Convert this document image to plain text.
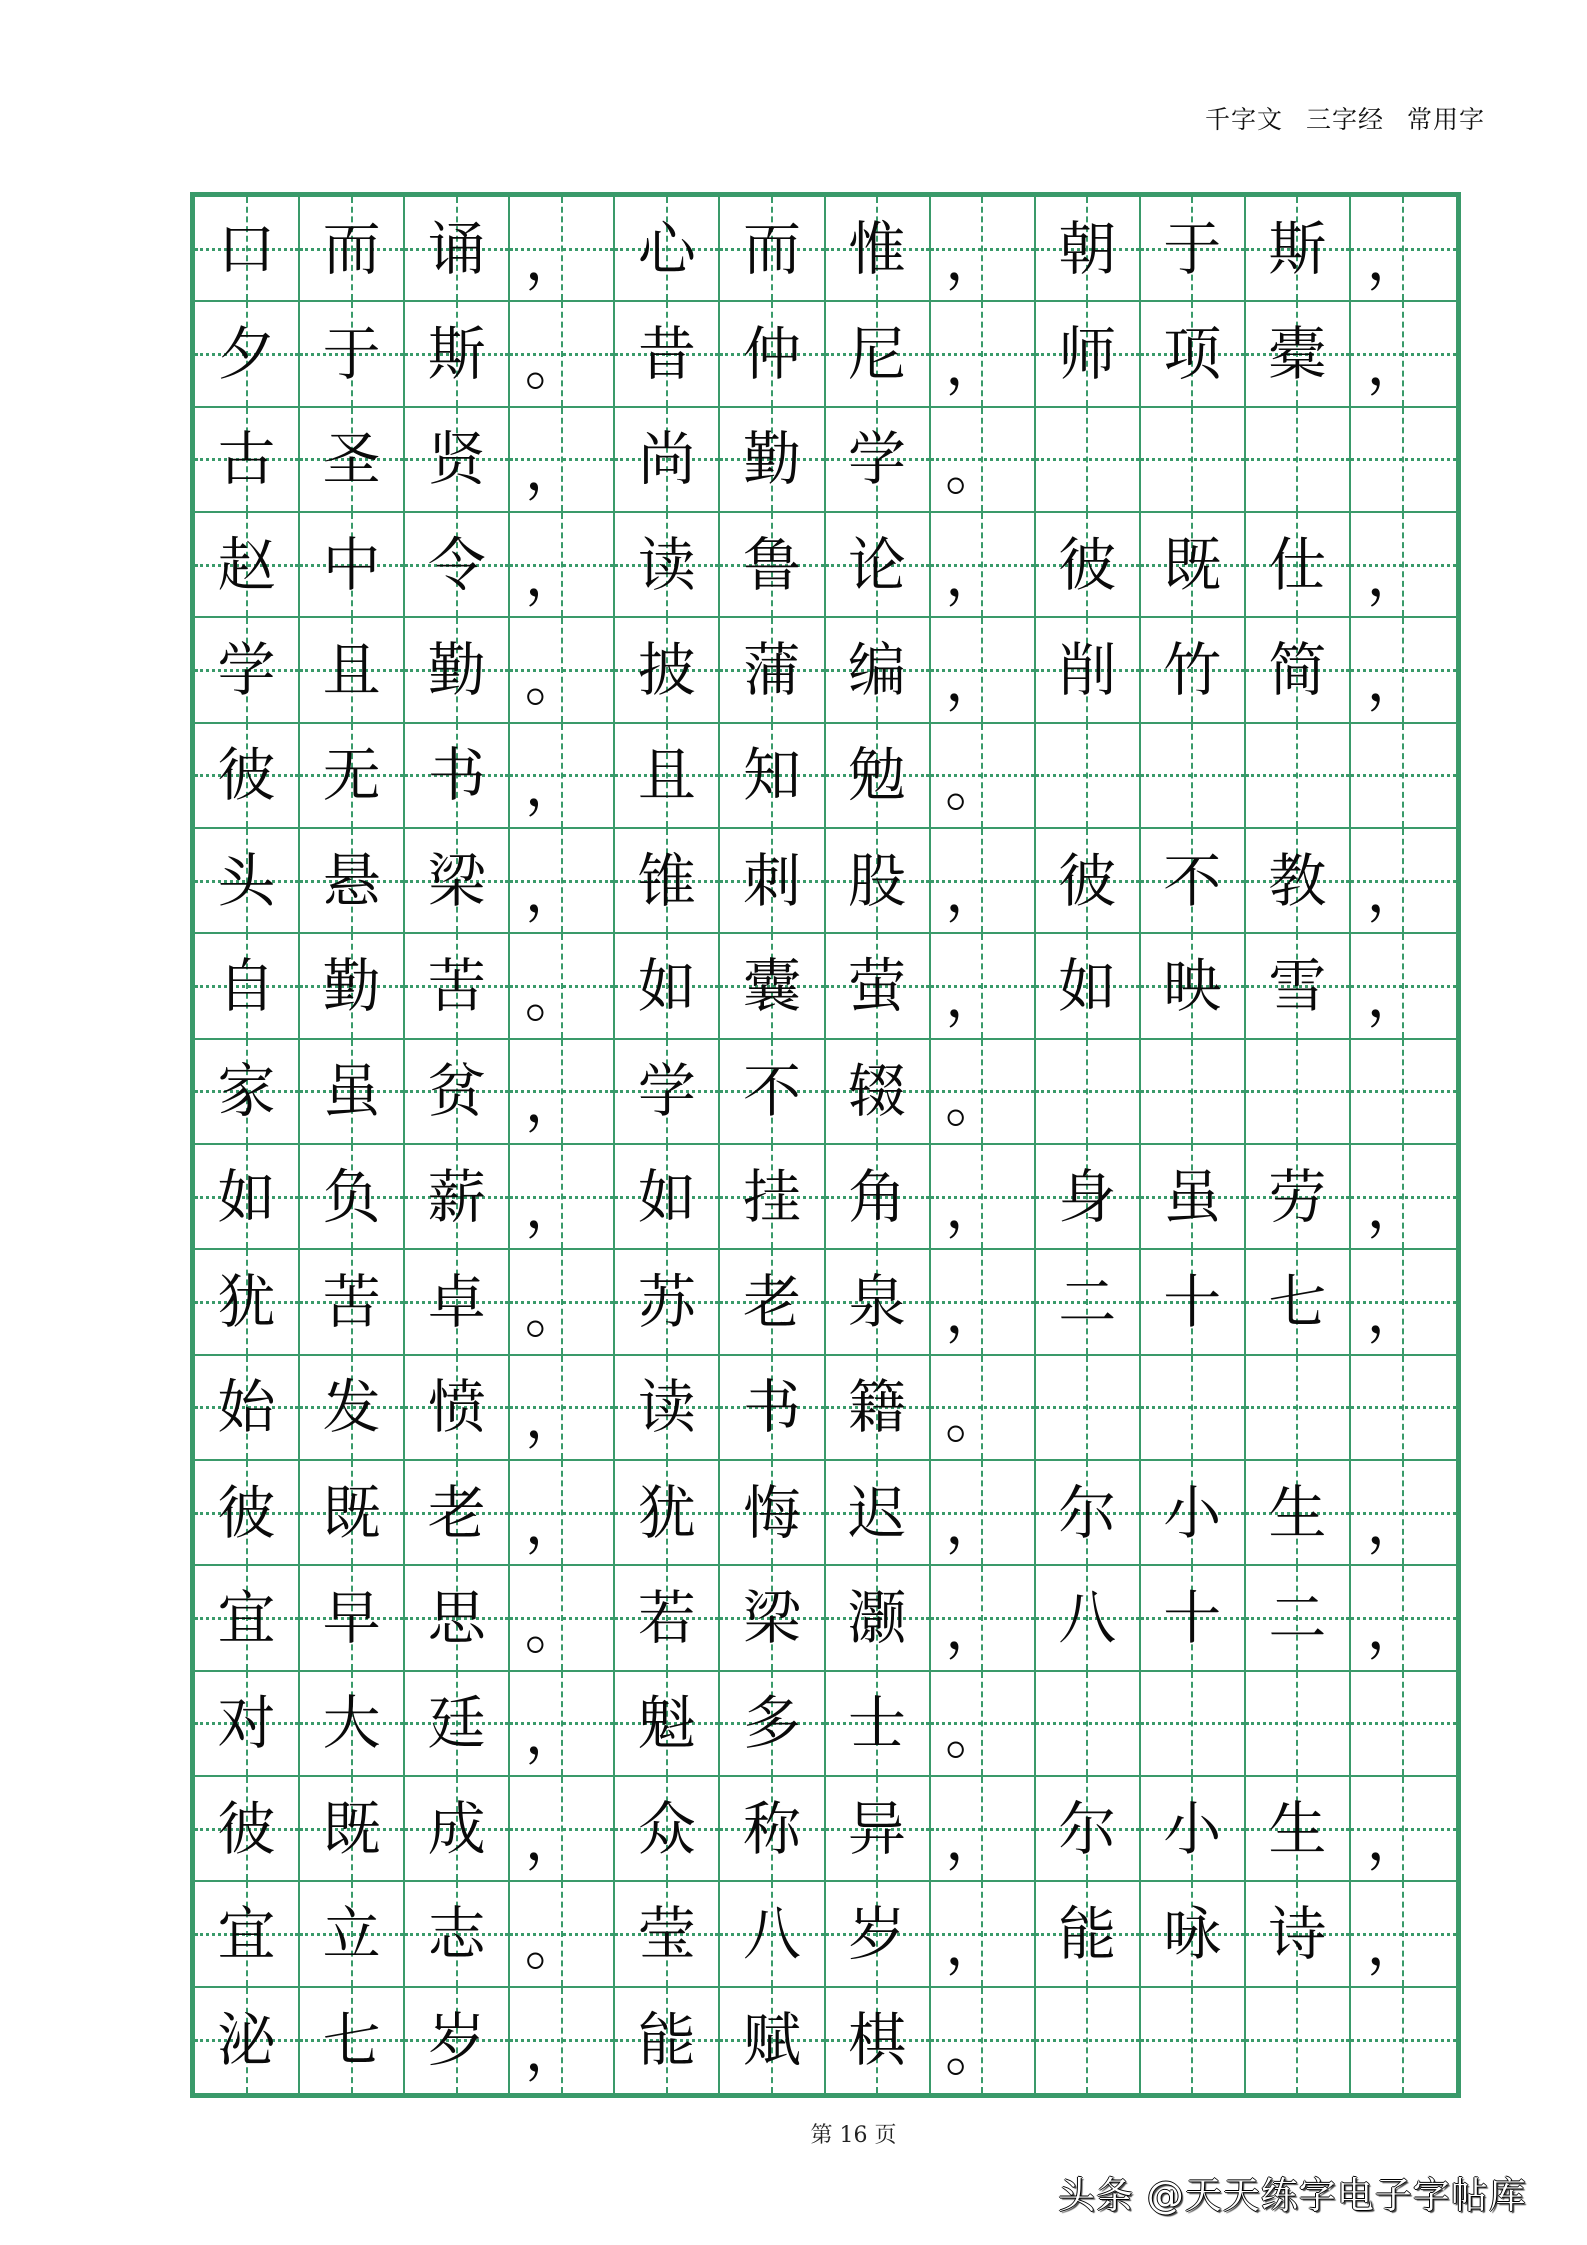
千字文 三字经 常用字
口 而 诵 ， 心 而 惟 ， 朝 于 斯 ，
夕 于 斯 。 昔 仲 尼 ， 师 项 橐 ，
古 圣 贤 ， 尚 勤 学 。
赵 中 令 ， 读 鲁 论 ， 彼 既 仕 ，
学 且 勤 。 披 蒲 编 ， 削 竹 简 ，
彼 无 书 ， 且 知 勉 。
头 悬 梁 ， 锥 刺 股 ， 彼 不 教 ，
自 勤 苦 。 如 囊 萤 ， 如 映 雪 ，
家 虽 贫 ， 学 不 辍 。
如 负 薪 ， 如 挂 角 ， 身 虽 劳 ，
犹 苦 卓 。 苏 老 泉 ， 二 十 七 ，
始 发 愤 ， 读 书 籍 。
彼 既 老 ， 犹 悔 迟 ， 尔 小 生 ，
宜 早 思 。 若 梁 灏 ， 八 十 二 ，
对 大 廷 ， 魁 多 士 。
彼 既 成 ， 众 称 异 ， 尔 小 生 ，
宜 立 志 。 莹 八 岁 ， 能 咏 诗 ，
泌 七 岁 ， 能 赋 棋 。
第 16 页
头条 @天天练字电子字帖库
